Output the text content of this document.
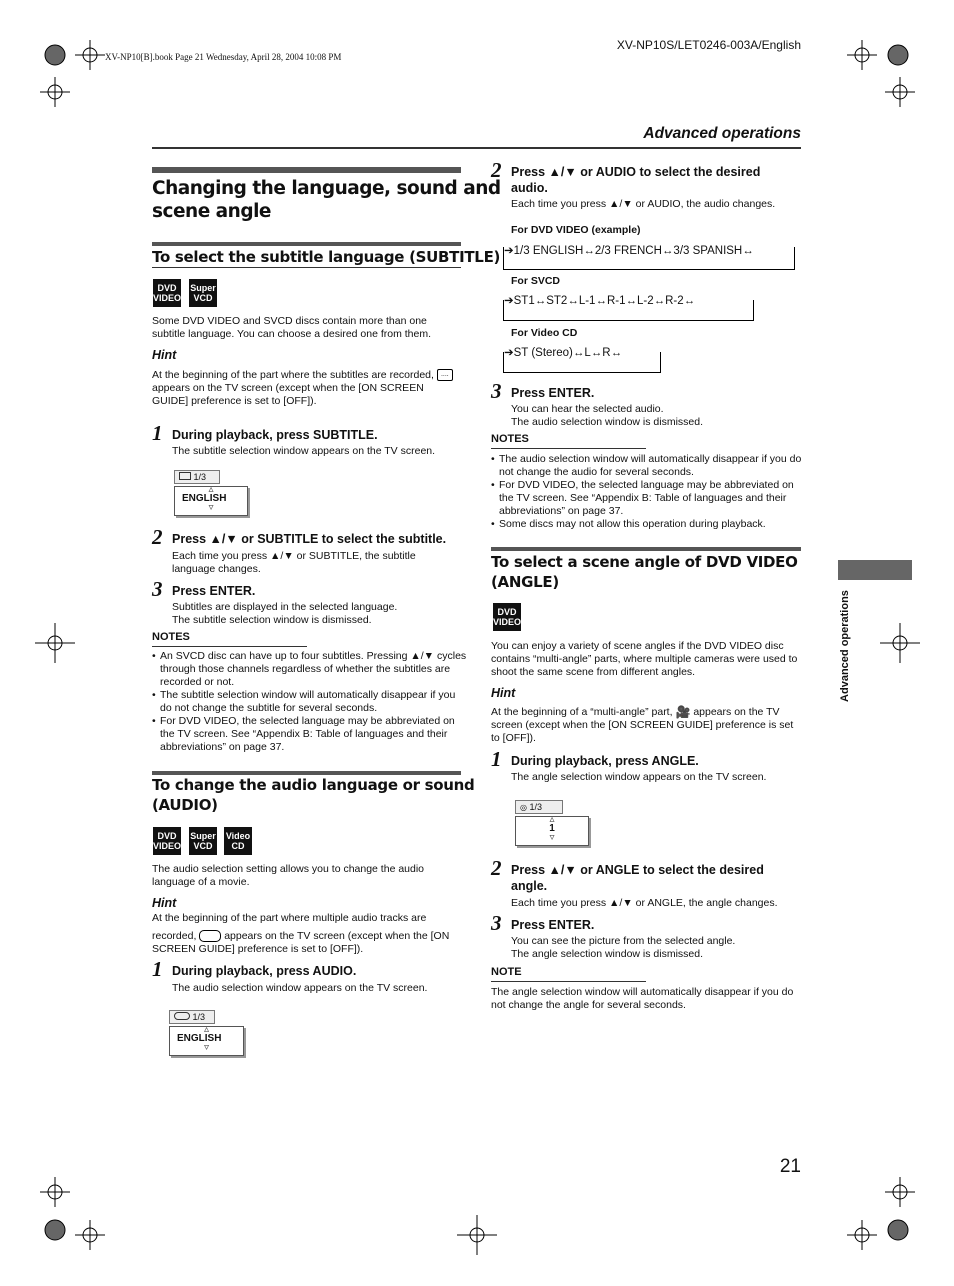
XV-NP10[B].book Page 21 Wednesday, April 28, 2004 10:08 PM
XV-NP10S/LET0246-003A/English
Advanced operations
Advanced operations
Changing the language, sound and
scene angle
To select the subtitle language (SUBTITLE)
DVD
VIDEO
Super
VCD
Some DVD VIDEO and SVCD discs contain more than one subtitle language. You can choose a desired one from them.
Hint
At the beginning of the part where the subtitles are recorded, .... appears on the TV screen (except when the [ON SCREEN GUIDE] preference is set to [OFF]).
1 During playback, press SUBTITLE.
The subtitle selection window appears on the TV screen.
1/3
△
ENGLISH
▽
2 Press ▲/▼ or SUBTITLE to select the subtitle.
Each time you press ▲/▼ or SUBTITLE, the subtitle language changes.
3 Press ENTER.
Subtitles are displayed in the selected language.
The subtitle selection window is dismissed.
NOTES
• An SVCD disc can have up to four subtitles. Pressing ▲/▼ cycles through those channels regardless of whether the subtitles are recorded or not.
• The subtitle selection window will automatically disappear if you do not change the subtitle for several seconds.
• For DVD VIDEO, the selected language may be abbreviated on the TV screen. See “Appendix B: Table of languages and their abbreviations” on page 37.
To change the audio language or sound
(AUDIO)
DVD
VIDEO
Super
VCD
Video
CD
The audio selection setting allows you to change the audio language of a movie.
Hint
At the beginning of the part where multiple audio tracks are
recorded,	appears on the TV screen (except when the [ON SCREEN GUIDE] preference is set to [OFF]).
1 During playback, press AUDIO.
The audio selection window appears on the TV screen.
1/3
△
ENGLISH
▽
2 Press ▲/▼ or AUDIO to select the desired
audio.
Each time you press ▲/▼ or AUDIO, the audio changes.
For DVD VIDEO (example)
➔1/3 ENGLISH↔2/3 FRENCH↔3/3 SPANISH↔
For SVCD
➔ST1↔ST2↔L-1↔R-1↔L-2↔R-2↔
For Video CD
➔ST (Stereo)↔L↔R↔
3 Press ENTER.
You can hear the selected audio.
The audio selection window is dismissed.
NOTES
• The audio selection window will automatically disappear if you do not change the audio for several seconds.
• For DVD VIDEO, the selected language may be abbreviated on the TV screen. See “Appendix B: Table of languages and their abbreviations” on page 37.
• Some discs may not allow this operation during playback.
To select a scene angle of DVD VIDEO
(ANGLE)
DVD
VIDEO
You can enjoy a variety of scene angles if the DVD VIDEO disc contains “multi-angle” parts, where multiple cameras were used to shoot the same scene from different angles.
Hint
At the beginning of a “multi-angle” part, 🎥 appears on the TV screen (except when the [ON SCREEN GUIDE] preference is set to [OFF]).
1 During playback, press ANGLE.
The angle selection window appears on the TV screen.
◎ 1/3
△
1
▽
2 Press ▲/▼ or ANGLE to select the desired
angle.
Each time you press ▲/▼ or ANGLE, the angle changes.
3 Press ENTER.
You can see the picture from the selected angle.
The angle selection window is dismissed.
NOTE
The angle selection window will automatically disappear if you do not change the angle for several seconds.
21
